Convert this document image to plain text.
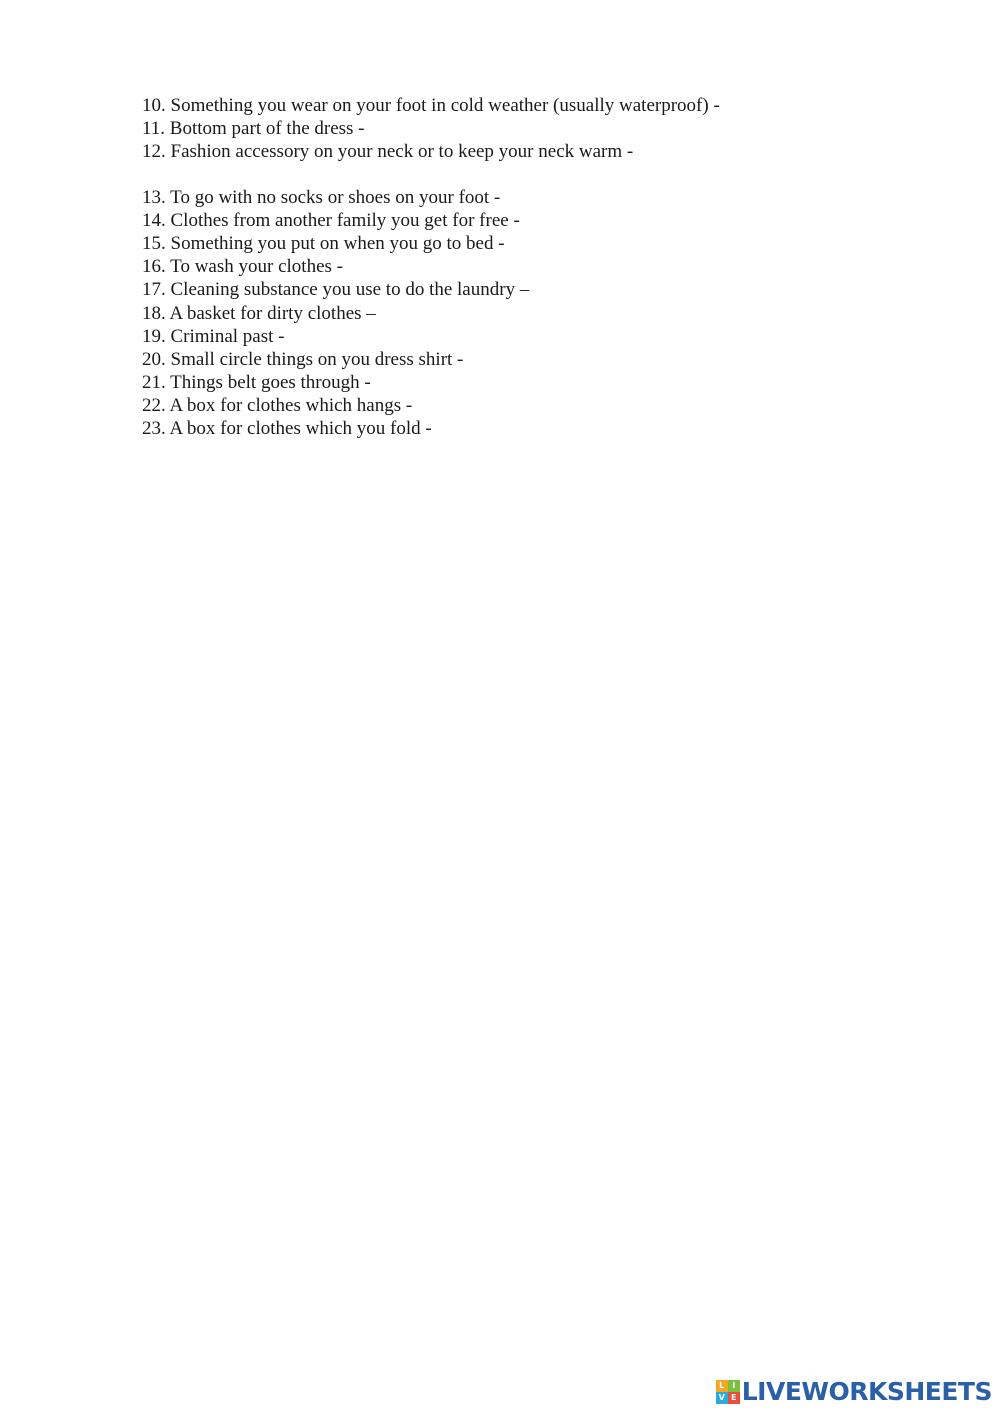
10. Something you wear on your foot in cold weather (usually waterproof) -
11. Bottom part of the dress -
12. Fashion accessory on your neck or to keep your neck warm -
13. To go with no socks or shoes on your foot -
14. Clothes from another family you get for free -
15. Something you put on when you go to bed -
16. To wash your clothes -
17. Cleaning substance you use to do the laundry –
18. A basket for dirty clothes –
19. Criminal past -
20. Small circle things on you dress shirt -
21. Things belt goes through -
22. A box for clothes which hangs -
23. A box for clothes which you fold -
L I
V E LIVEWORKSHEETS
